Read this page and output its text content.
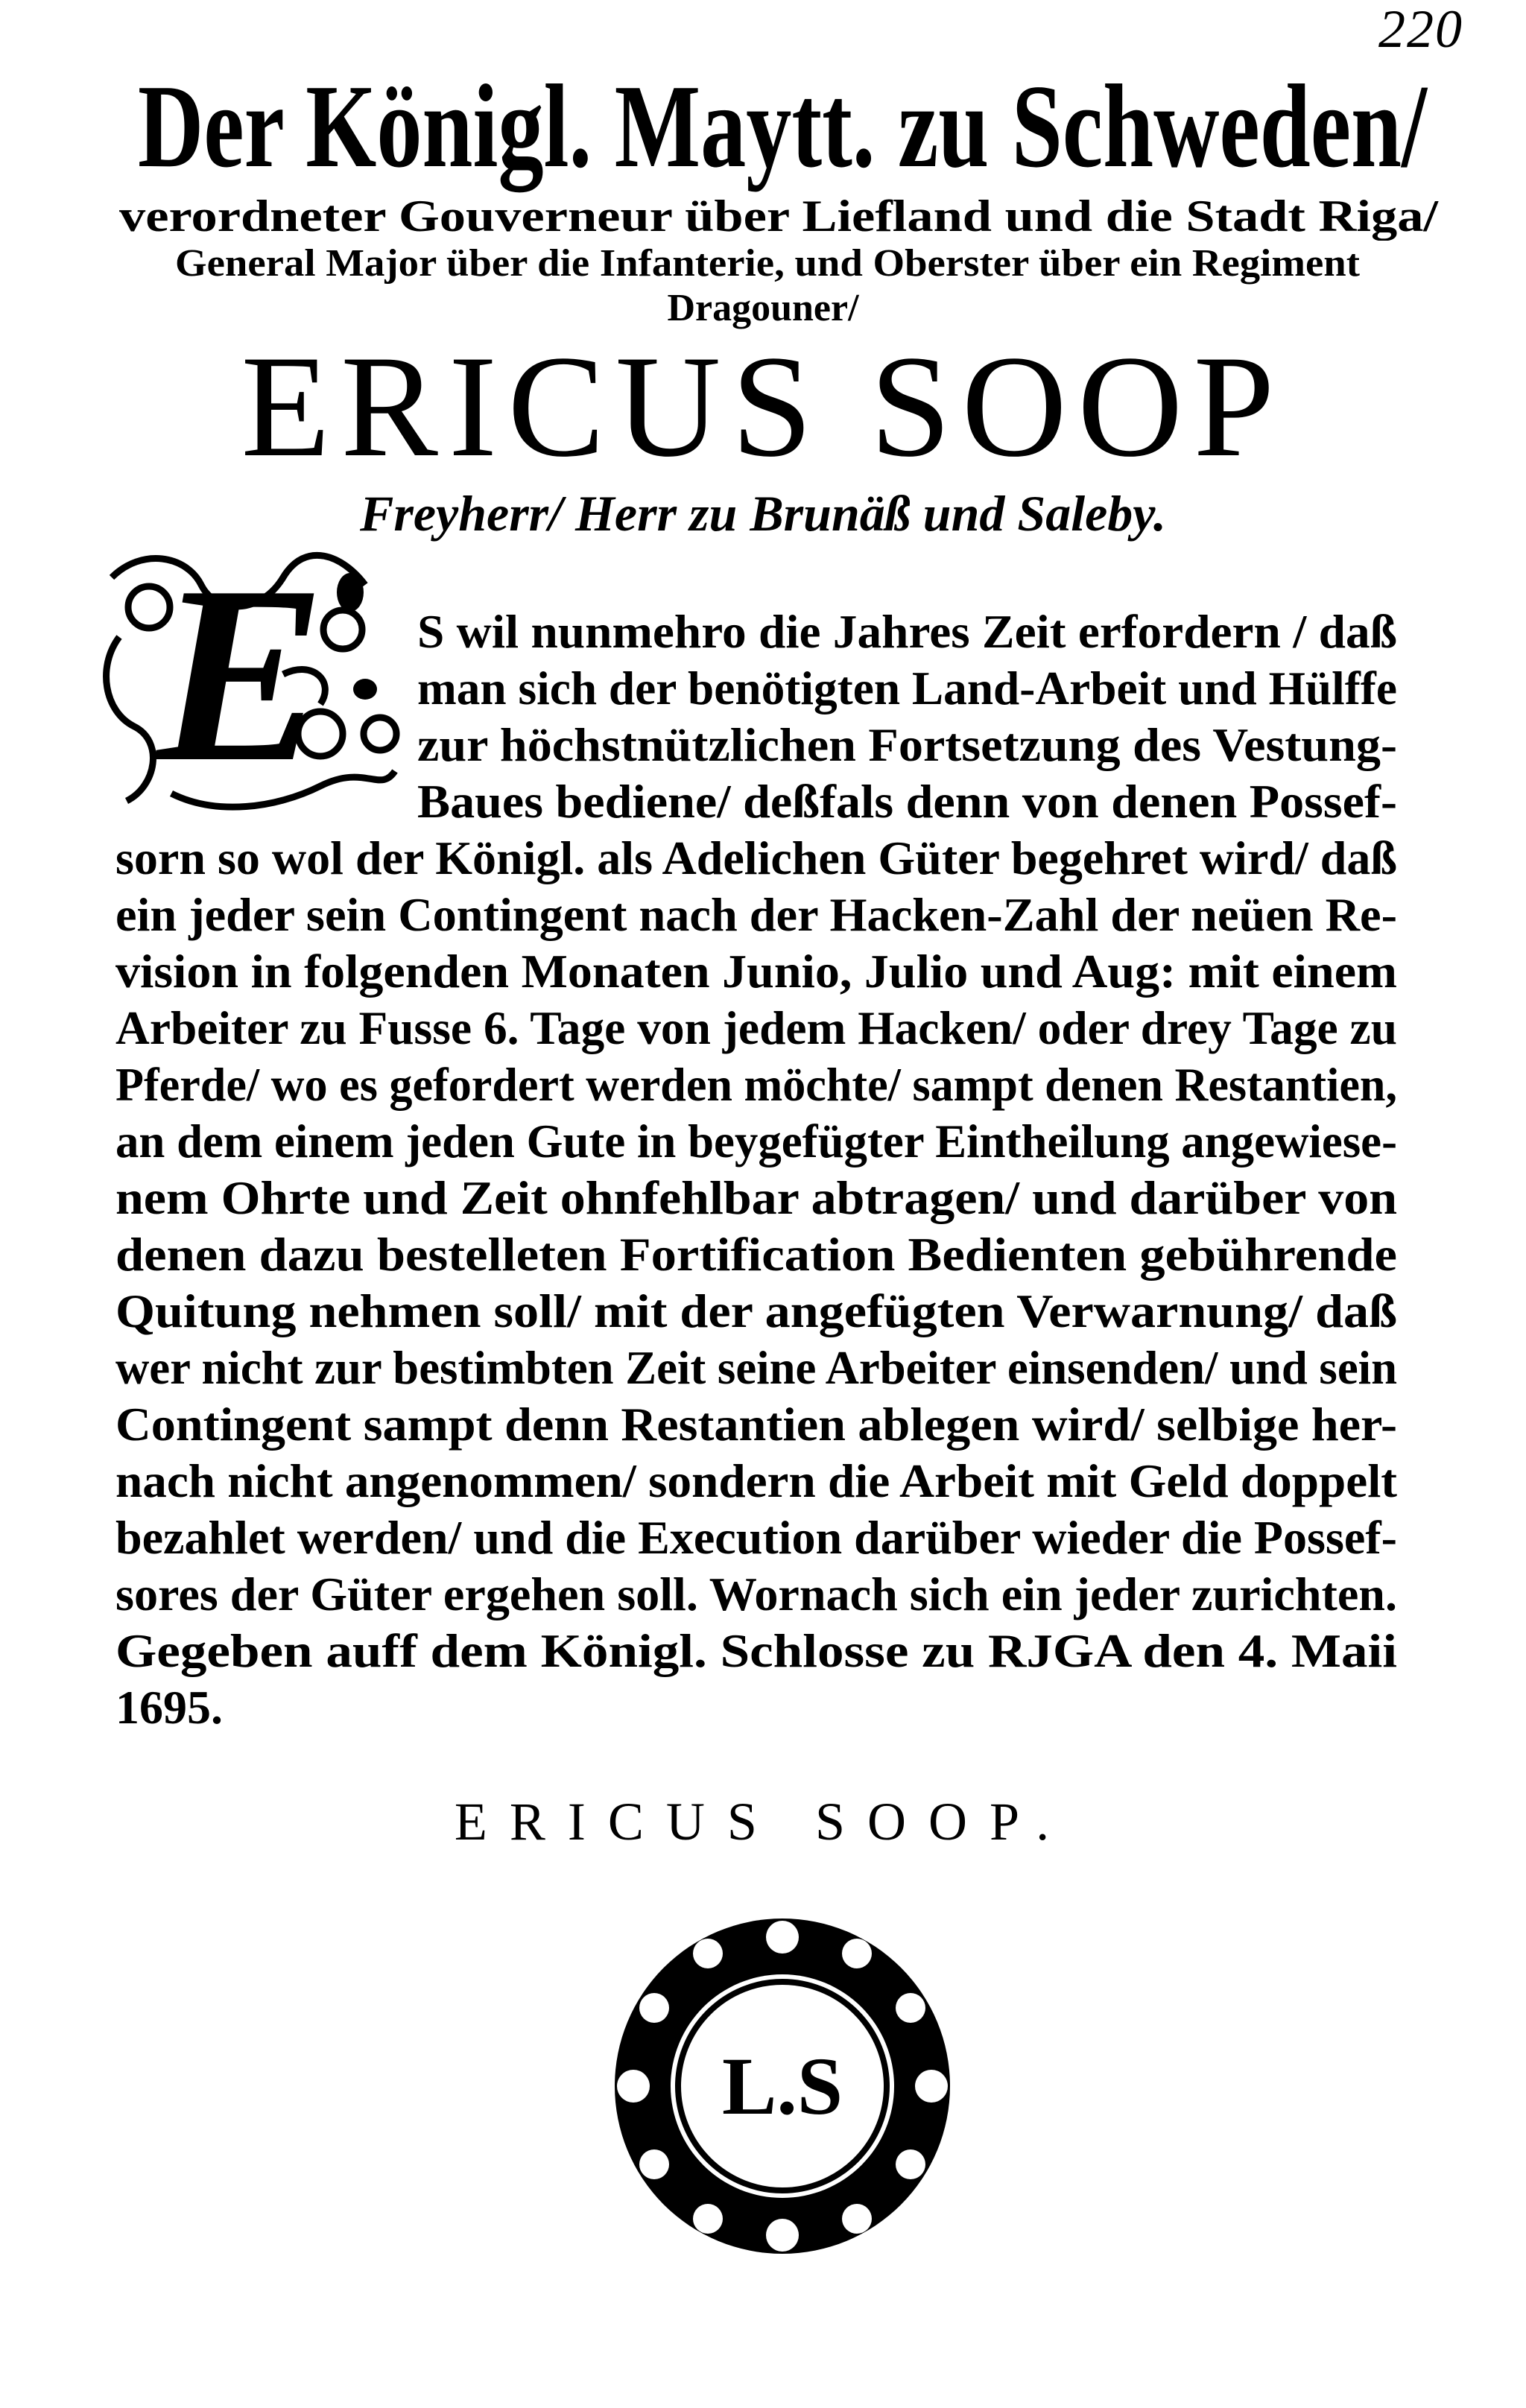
220
Der Königl. Maytt. zu Schweden/
verordneter Gouverneur über Liefland und die Stadt Riga/
General Major über die Infanterie, und Oberster über ein Regiment
Dragouner/
ERICUS SOOP
Freyherr/ Herr zu Brunäß und Saleby.
E S wil nunmehro die Jahres Zeit erfordern / daß
man sich der benötigten Land-Arbeit und Hülffe
zur höchstnützlichen Fortsetzung des Vestung-
Baues bediene/ deßfals denn von denen Possef-
sorn so wol der Königl. als Adelichen Güter begehret wird/ daß
ein jeder sein Contingent nach der Hacken-Zahl der neüen Re-
vision in folgenden Monaten Junio, Julio und Aug: mit einem
Arbeiter zu Fusse 6. Tage von jedem Hacken/ oder drey Tage zu
Pferde/ wo es gefordert werden möchte/ sampt denen Restantien,
an dem einem jeden Gute in beygefügter Eintheilung angewiese-
nem Ohrte und Zeit ohnfehlbar abtragen/ und darüber von
denen dazu bestelleten Fortification Bedienten gebührende
Quitung nehmen soll/ mit der angefügten Verwarnung/ daß
wer nicht zur bestimbten Zeit seine Arbeiter einsenden/ und sein
Contingent sampt denn Restantien ablegen wird/ selbige her-
nach nicht angenommen/ sondern die Arbeit mit Geld doppelt
bezahlet werden/ und die Execution darüber wieder die Possef-
sores der Güter ergehen soll. Wornach sich ein jeder zurichten.
Gegeben auff dem Königl. Schlosse zu RJGA den 4. Maii
1695.
ERICUS SOOP.
L.S
